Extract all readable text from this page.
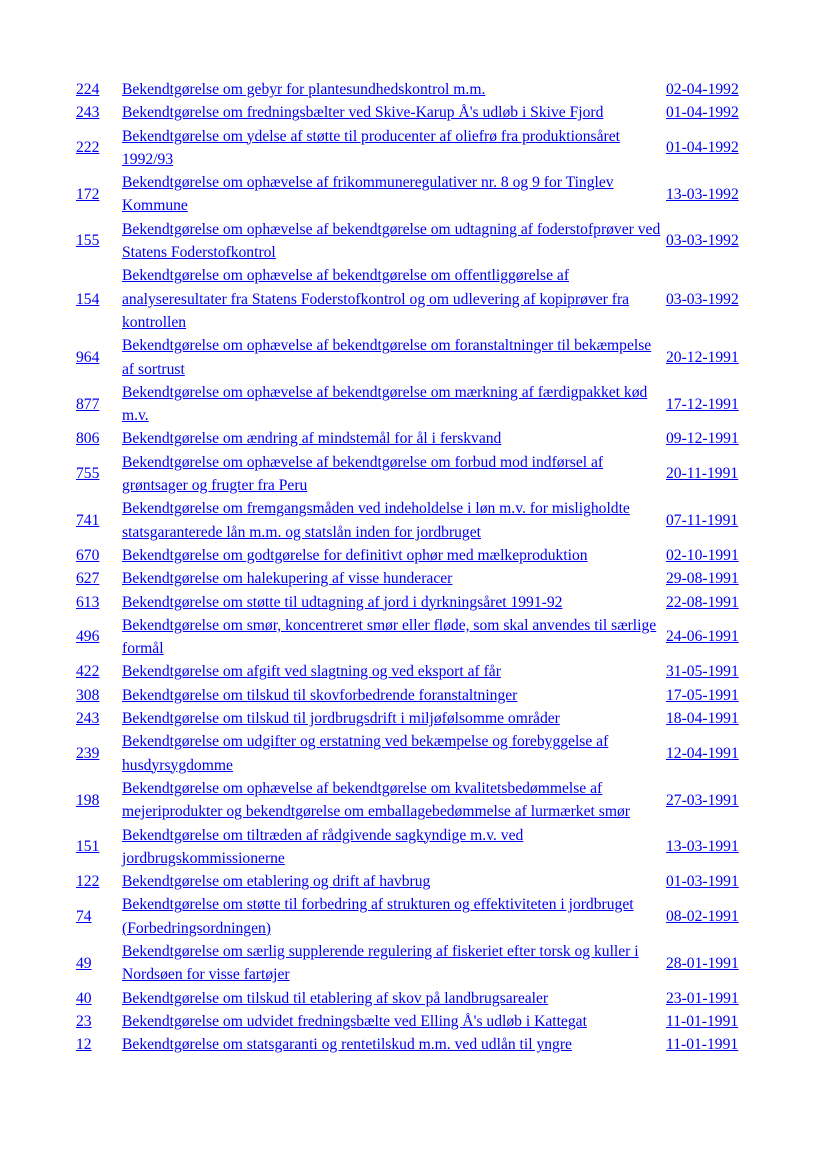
224	Bekendtgørelse om gebyr for plantesundhedskontrol m.m.	02-04-1992
243	Bekendtgørelse om fredningsbælter ved Skive-Karup Å's udløb i Skive Fjord	01-04-1992
222	Bekendtgørelse om ydelse af støtte til producenter af oliefrø fra produktionsåret 1992/93	01-04-1992
172	Bekendtgørelse om ophævelse af frikommuneregulativer nr. 8 og 9 for Tinglev Kommune	13-03-1992
155	Bekendtgørelse om ophævelse af bekendtgørelse om udtagning af foderstofprøver ved Statens Foderstofkontrol	03-03-1992
154	Bekendtgørelse om ophævelse af bekendtgørelse om offentliggørelse af analyseresultater fra Statens Foderstofkontrol og om udlevering af kopiprøver fra kontrollen	03-03-1992
964	Bekendtgørelse om ophævelse af bekendtgørelse om foranstaltninger til bekæmpelse af sortrust	20-12-1991
877	Bekendtgørelse om ophævelse af bekendtgørelse om mærkning af færdigpakket kød m.v.	17-12-1991
806	Bekendtgørelse om ændring af mindstemål for ål i ferskvand	09-12-1991
755	Bekendtgørelse om ophævelse af bekendtgørelse om forbud mod indførsel af grøntsager og frugter fra Peru	20-11-1991
741	Bekendtgørelse om fremgangsmåden ved indeholdelse i løn m.v. for misligholdte statsgaranterede lån m.m. og statslån inden for jordbruget	07-11-1991
670	Bekendtgørelse om godtgørelse for definitivt ophør med mælkeproduktion	02-10-1991
627	Bekendtgørelse om halekupering af visse hunderacer	29-08-1991
613	Bekendtgørelse om støtte til udtagning af jord i dyrkningsåret 1991-92	22-08-1991
496	Bekendtgørelse om smør, koncentreret smør eller fløde, som skal anvendes til særlige formål	24-06-1991
422	Bekendtgørelse om afgift ved slagtning og ved eksport af får	31-05-1991
308	Bekendtgørelse om tilskud til skovforbedrende foranstaltninger	17-05-1991
243	Bekendtgørelse om tilskud til jordbrugsdrift i miljøfølsomme områder	18-04-1991
239	Bekendtgørelse om udgifter og erstatning ved bekæmpelse og forebyggelse af husdyrsygdomme	12-04-1991
198	Bekendtgørelse om ophævelse af bekendtgørelse om kvalitetsbedømmelse af mejeriprodukter og bekendtgørelse om emballagebedømmelse af lurmærket smør	27-03-1991
151	Bekendtgørelse om tiltræden af rådgivende sagkyndige m.v. ved jordbrugskommissionerne	13-03-1991
122	Bekendtgørelse om etablering og drift af havbrug	01-03-1991
74	Bekendtgørelse om støtte til forbedring af strukturen og effektiviteten i jordbruget (Forbedringsordningen)	08-02-1991
49	Bekendtgørelse om særlig supplerende regulering af fiskeriet efter torsk og kuller i Nordsøen for visse fartøjer	28-01-1991
40	Bekendtgørelse om tilskud til etablering af skov på landbrugsarealer	23-01-1991
23	Bekendtgørelse om udvidet fredningsbælte ved Elling Å's udløb i Kattegat	11-01-1991
12	Bekendtgørelse om statsgaranti og rentetilskud m.m. ved udlån til yngre	11-01-1991
